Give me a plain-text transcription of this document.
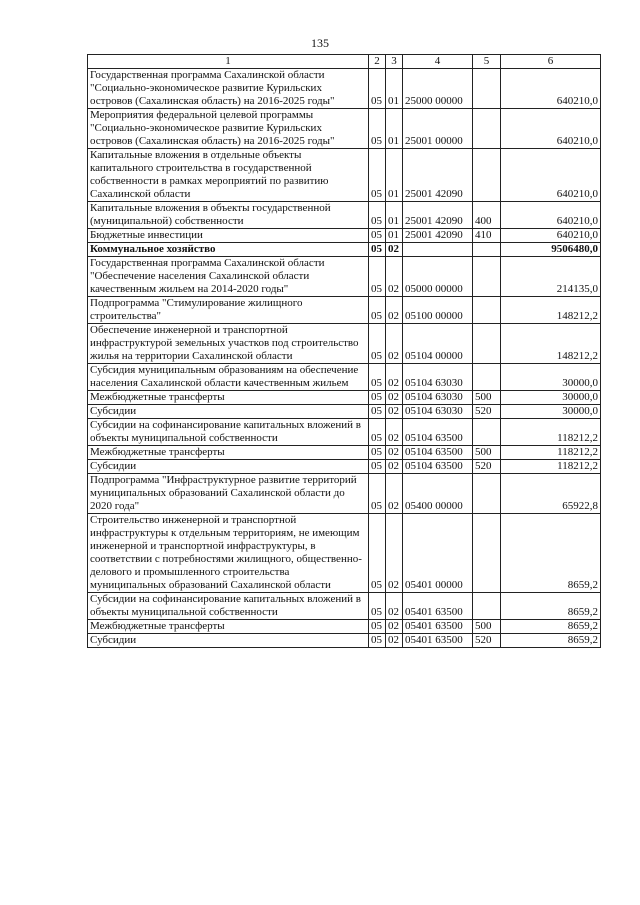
135
1	2	3	4	5	6
Государственная программа Сахалинской области "Социально-экономическое развитие Курильских островов (Сахалинская область) на 2016-2025 годы"	05	01	25000 00000		640210,0
Мероприятия федеральной целевой программы "Социально-экономическое развитие Курильских островов (Сахалинская область) на 2016-2025 годы"	05	01	25001 00000		640210,0
Капитальные вложения в отдельные объекты капитального строительства в государственной собственности в рамках мероприятий по развитию Сахалинской области	05	01	25001 42090		640210,0
Капитальные вложения в объекты государственной (муниципальной) собственности	05	01	25001 42090	400	640210,0
Бюджетные инвестиции	05	01	25001 42090	410	640210,0
Коммунальное хозяйство	05	02			9506480,0
Государственная программа Сахалинской области "Обеспечение населения Сахалинской области качественным жильем на 2014-2020 годы"	05	02	05000 00000		214135,0
Подпрограмма "Стимулирование жилищного строительства"	05	02	05100 00000		148212,2
Обеспечение инженерной и транспортной инфраструктурой земельных участков под строительство жилья на территории Сахалинской области	05	02	05104 00000		148212,2
Субсидия муниципальным образованиям на обеспечение населения Сахалинской области качественным жильем	05	02	05104 63030		30000,0
Межбюджетные трансферты	05	02	05104 63030	500	30000,0
Субсидии	05	02	05104 63030	520	30000,0
Субсидии на софинансирование капитальных вложений в объекты муниципальной собственности	05	02	05104 63500		118212,2
Межбюджетные трансферты	05	02	05104 63500	500	118212,2
Субсидии	05	02	05104 63500	520	118212,2
Подпрограмма "Инфраструктурное развитие территорий муниципальных образований Сахалинской области до 2020 года"	05	02	05400 00000		65922,8
Строительство инженерной и транспортной инфраструктуры к отдельным территориям, не имеющим инженерной и транспортной инфраструктуры, в соответствии с потребностями жилищного, общественно-делового и промышленного строительства муниципальных образований Сахалинской области	05	02	05401 00000		8659,2
Субсидии на софинансирование капитальных вложений в объекты муниципальной собственности	05	02	05401 63500		8659,2
Межбюджетные трансферты	05	02	05401 63500	500	8659,2
Субсидии	05	02	05401 63500	520	8659,2
